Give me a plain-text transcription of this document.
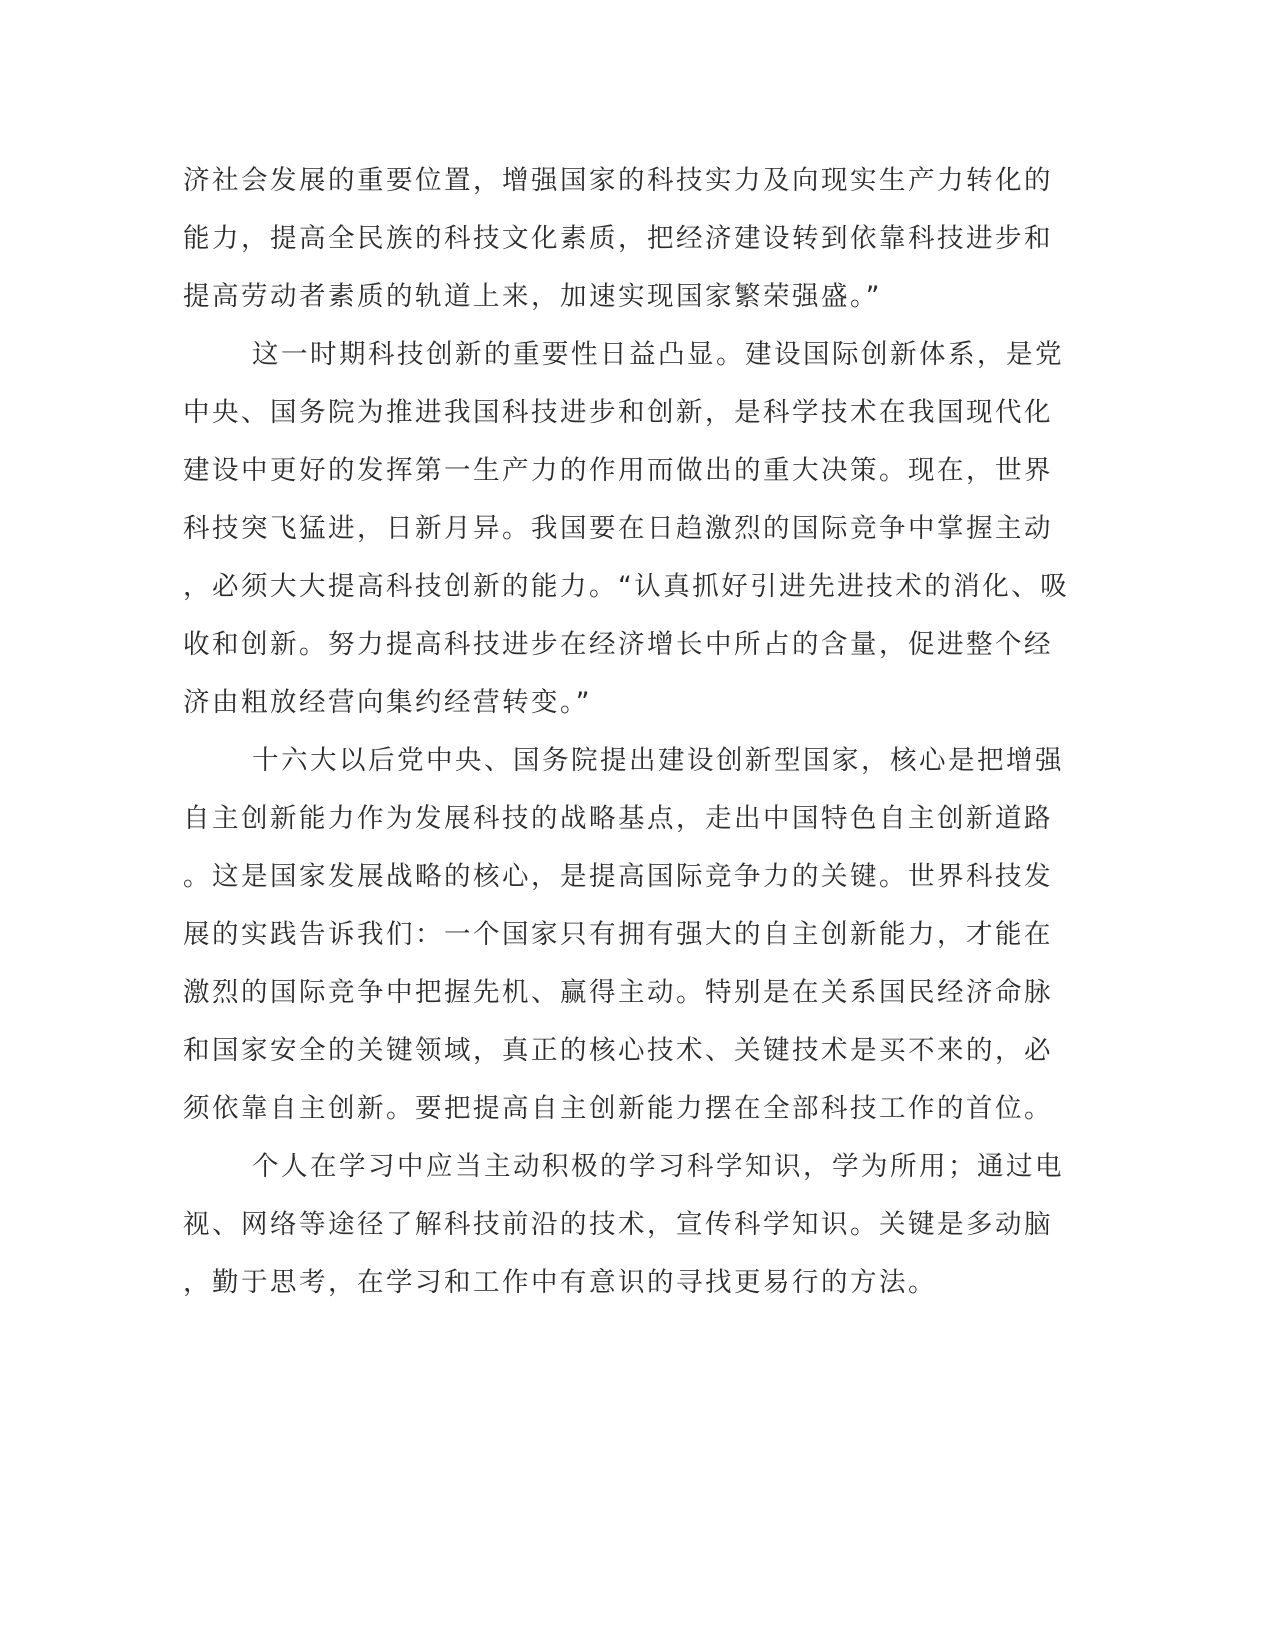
济社会发展的重要位置，增强国家的科技实力及向现实生产力转化的
能力，提高全民族的科技文化素质，把经济建设转到依靠科技进步和
提高劳动者素质的轨道上来，加速实现国家繁荣强盛。”
这一时期科技创新的重要性日益凸显。建设国际创新体系，是党
中央、国务院为推进我国科技进步和创新，是科学技术在我国现代化
建设中更好的发挥第一生产力的作用而做出的重大决策。现在，世界
科技突飞猛进，日新月异。我国要在日趋激烈的国际竞争中掌握主动
，必须大大提高科技创新的能力。“认真抓好引进先进技术的消化、吸
收和创新。努力提高科技进步在经济增长中所占的含量，促进整个经
济由粗放经营向集约经营转变。”
十六大以后党中央、国务院提出建设创新型国家，核心是把增强
自主创新能力作为发展科技的战略基点，走出中国特色自主创新道路
。这是国家发展战略的核心，是提高国际竞争力的关键。世界科技发
展的实践告诉我们：一个国家只有拥有强大的自主创新能力，才能在
激烈的国际竞争中把握先机、赢得主动。特别是在关系国民经济命脉
和国家安全的关键领域，真正的核心技术、关键技术是买不来的，必
须依靠自主创新。要把提高自主创新能力摆在全部科技工作的首位。
个人在学习中应当主动积极的学习科学知识，学为所用；通过电
视、网络等途径了解科技前沿的技术，宣传科学知识。关键是多动脑
，勤于思考，在学习和工作中有意识的寻找更易行的方法。
